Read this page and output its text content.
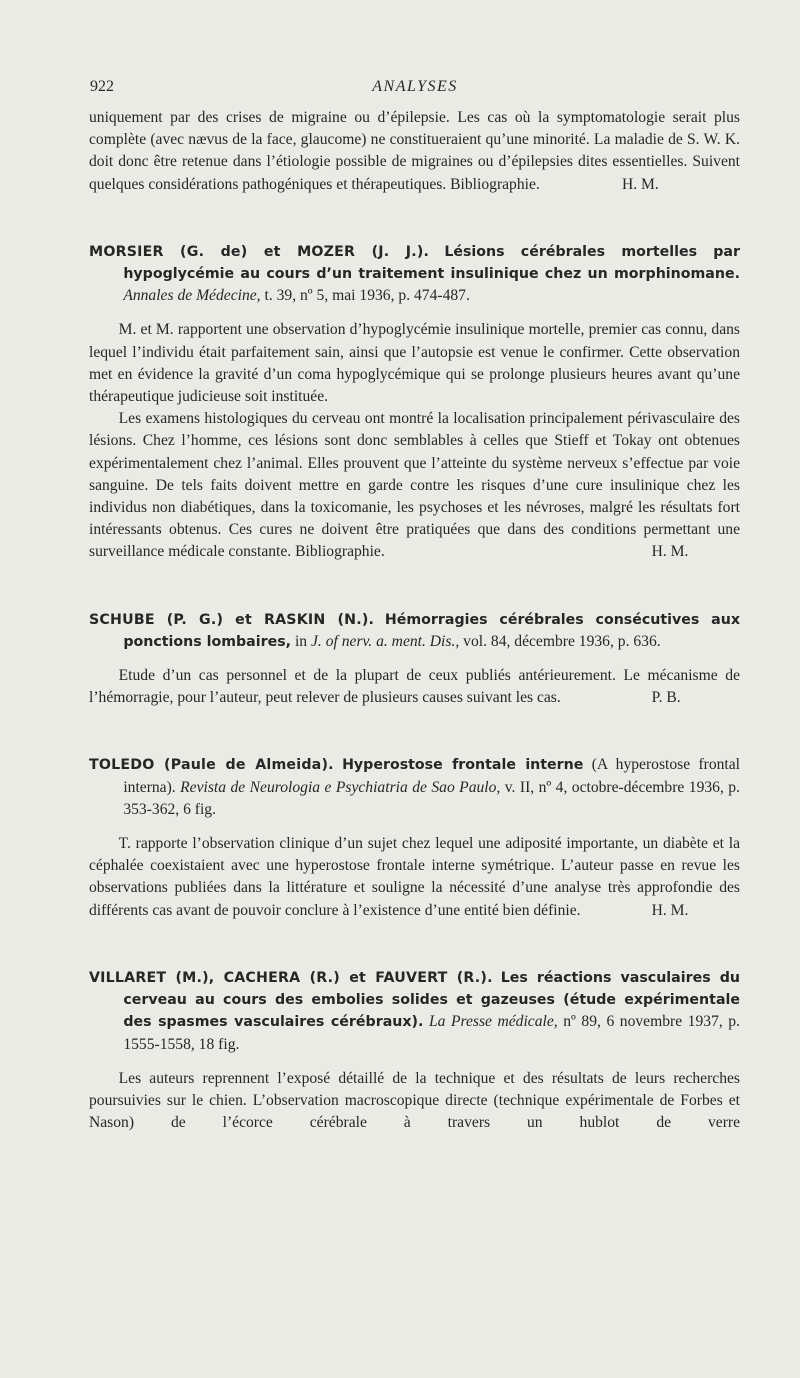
922	ANALYSES

uniquement par des crises de migraine ou d’épilepsie. Les cas où la symptomatologie serait plus complète (avec nævus de la face, glaucome) ne constitueraient qu’une minorité. La maladie de S. W. K. doit donc être retenue dans l’étiologie possible de migraines ou d’épilepsies dites essentielles. Suivent quelques considérations pathogéniques et thérapeutiques. Bibliographie.	H. M.

MORSIER (G. de) et MOZER (J. J.). Lésions cérébrales mortelles par hypoglycémie au cours d’un traitement insulinique chez un morphinomane. Annales de Médecine, t. 39, nº 5, mai 1936, p. 474-487.

M. et M. rapportent une observation d’hypoglycémie insulinique mortelle, premier cas connu, dans lequel l’individu était parfaitement sain, ainsi que l’autopsie est venue le confirmer. Cette observation met en évidence la gravité d’un coma hypoglycémique qui se prolonge plusieurs heures avant qu’une thérapeutique judicieuse soit instituée.

Les examens histologiques du cerveau ont montré la localisation principalement périvasculaire des lésions. Chez l’homme, ces lésions sont donc semblables à celles que Stieff et Tokay ont obtenues expérimentalement chez l’animal. Elles prouvent que l’atteinte du système nerveux s’effectue par voie sanguine. De tels faits doivent mettre en garde contre les risques d’une cure insulinique chez les individus non diabétiques, dans la toxicomanie, les psychoses et les névroses, malgré les résultats fort intéressants obtenus. Ces cures ne doivent être pratiquées que dans des conditions permettant une surveillance médicale constante. Bibliographie.	H. M.

SCHUBE (P. G.) et RASKIN (N.). Hémorragies cérébrales consécutives aux ponctions lombaires, in J. of nerv. a. ment. Dis., vol. 84, décembre 1936, p. 636.

Etude d’un cas personnel et de la plupart de ceux publiés antérieurement. Le mécanisme de l’hémorragie, pour l’auteur, peut relever de plusieurs causes suivant les cas.	P. B.

TOLEDO (Paule de Almeida). Hyperostose frontale interne (A hyperostose frontal interna). Revista de Neurologia e Psychiatria de Sao Paulo, v. II, nº 4, octobre-décembre 1936, p. 353-362, 6 fig.

T. rapporte l’observation clinique d’un sujet chez lequel une adiposité importante, un diabète et la céphalée coexistaient avec une hyperostose frontale interne symétrique. L’auteur passe en revue les observations publiées dans la littérature et souligne la nécessité d’une analyse très approfondie des différents cas avant de pouvoir conclure à l’existence d’une entité bien définie.	H. M.

VILLARET (M.), CACHERA (R.) et FAUVERT (R.). Les réactions vasculaires du cerveau au cours des embolies solides et gazeuses (étude expérimentale des spasmes vasculaires cérébraux). La Presse médicale, nº 89, 6 novembre 1937, p. 1555-1558, 18 fig.

Les auteurs reprennent l’exposé détaillé de la technique et des résultats de leurs recherches poursuivies sur le chien. L’observation macroscopique directe (technique expérimentale de Forbes et Nason) de l’écorce cérébrale à travers un hublot de verre
